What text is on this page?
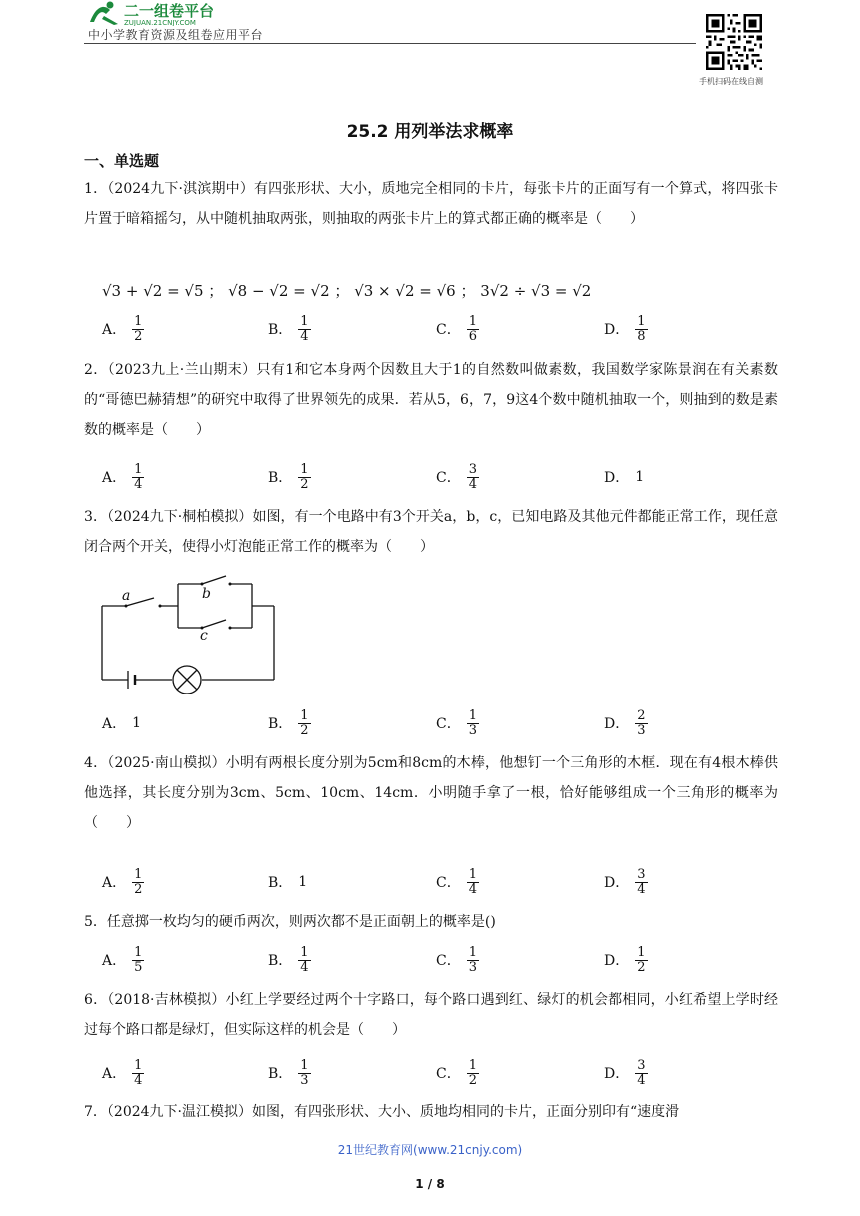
二一组卷平台
ZUJUAN.21CNJY.COM
中小学教育资源及组卷应用平台
手机扫码在线自测
25.2 用列举法求概率
一、单选题
1．（2024九下·淇滨期中）有四张形状、大小，质地完全相同的卡片，每张卡片的正面写有一个算式，将四张卡片置于暗箱摇匀，从中随机抽取两张，则抽取的两张卡片上的算式都正确的概率是（　　）
√3 + √2 = √5 ； √8 − √2 = √2 ； √3 × √2 = √6 ； 3√2 ÷ √3 = √2
A． $\frac{1}{2}$	B． $\frac{1}{4}$	C． $\frac{1}{6}$	D． $\frac{1}{8}$
2．（2023九上·兰山期末）只有1和它本身两个因数且大于1的自然数叫做素数，我国数学家陈景润在有关素数的“哥德巴赫猜想”的研究中取得了世界领先的成果．若从5，6，7，9这4个数中随机抽取一个，则抽到的数是素数的概率是（　　）
A． $\frac{1}{4}$	B． $\frac{1}{2}$	C． $\frac{3}{4}$	D． 1
3．（2024九下·桐柏模拟）如图，有一个电路中有3个开关a，b，c，已知电路及其他元件都能正常工作，现任意闭合两个开关，使得小灯泡能正常工作的概率为（　　）
a	b
c
A． 1	B． $\frac{1}{2}$	C． $\frac{1}{3}$	D． $\frac{2}{3}$
4．（2025·南山模拟）小明有两根长度分别为5cm和8cm的木棒，他想钉一个三角形的木框．现在有4根木棒供他选择，其长度分别为3cm、5cm、10cm、14cm．小明随手拿了一根，恰好能够组成一个三角形的概率为（　　）
A． $\frac{1}{2}$	B． 1	C． $\frac{1}{4}$	D． $\frac{3}{4}$
5．任意掷一枚均匀的硬币两次，则两次都不是正面朝上的概率是()
A． $\frac{1}{5}$	B． $\frac{1}{4}$	C． $\frac{1}{3}$	D． $\frac{1}{2}$
6．（2018·吉林模拟）小红上学要经过两个十字路口，每个路口遇到红、绿灯的机会都相同，小红希望上学时经过每个路口都是绿灯，但实际这样的机会是（　　）
A． $\frac{1}{4}$	B． $\frac{1}{3}$	C． $\frac{1}{2}$	D． $\frac{3}{4}$
7．（2024九下·温江模拟）如图，有四张形状、大小、质地均相同的卡片，正面分别印有“速度滑
21世纪教育网(www.21cnjy.com)
1 / 8
